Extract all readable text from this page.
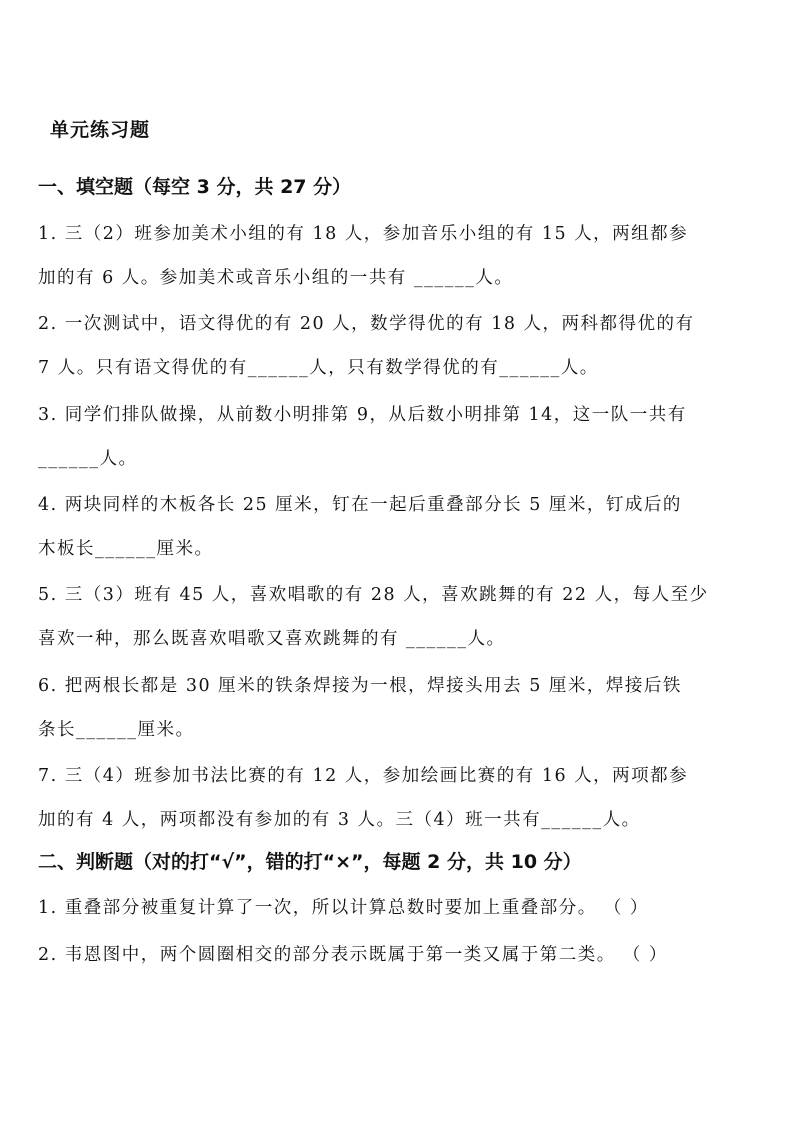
单元练习题
一、填空题（每空 3 分，共 27 分）
1. 三（2）班参加美术小组的有 18 人，参加音乐小组的有 15 人，两组都参
加的有 6 人。参加美术或音乐小组的一共有 ______人。
2. 一次测试中，语文得优的有 20 人，数学得优的有 18 人，两科都得优的有
7 人。只有语文得优的有______人，只有数学得优的有______人。
3. 同学们排队做操，从前数小明排第 9，从后数小明排第 14，这一队一共有
______人。
4. 两块同样的木板各长 25 厘米，钉在一起后重叠部分长 5 厘米，钉成后的
木板长______厘米。
5. 三（3）班有 45 人，喜欢唱歌的有 28 人，喜欢跳舞的有 22 人，每人至少
喜欢一种，那么既喜欢唱歌又喜欢跳舞的有 ______人。
6. 把两根长都是 30 厘米的铁条焊接为一根，焊接头用去 5 厘米，焊接后铁
条长______厘米。
7. 三（4）班参加书法比赛的有 12 人，参加绘画比赛的有 16 人，两项都参
加的有 4 人，两项都没有参加的有 3 人。三（4）班一共有______人。
二、判断题（对的打“√”，错的打“×”，每题 2 分，共 10 分）
1. 重叠部分被重复计算了一次，所以计算总数时要加上重叠部分。 （ ）
2. 韦恩图中，两个圆圈相交的部分表示既属于第一类又属于第二类。 （ ）
